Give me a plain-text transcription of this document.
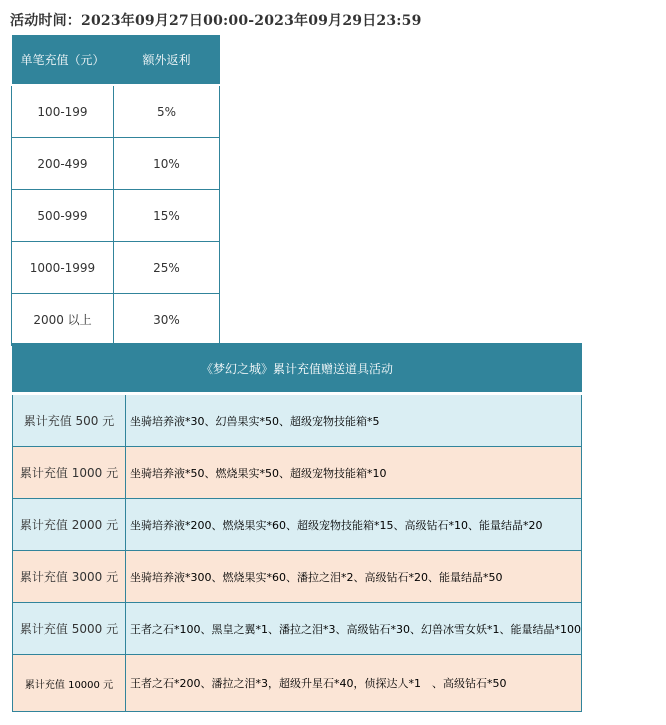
活动时间：2023年09月27日00:00-2023年09月29日23:59
单笔充值（元）	额外返利
100-199	5%
200-499	10%
500-999	15%
1000-1999	25%
2000 以上	30%
《梦幻之城》累计充值赠送道具活动	
累计充值 500 元	坐骑培养液*30、幻兽果实*50、超级宠物技能箱*5
累计充值 1000 元	坐骑培养液*50、燃烧果实*50、超级宠物技能箱*10
累计充值 2000 元	坐骑培养液*200、燃烧果实*60、超级宠物技能箱*15、高级钻石*10、能量结晶*20
累计充值 3000 元	坐骑培养液*300、燃烧果实*60、潘拉之泪*2、高级钻石*20、能量结晶*50
累计充值 5000 元	王者之石*100、黑皇之翼*1、潘拉之泪*3、高级钻石*30、幻兽冰雪女妖*1、能量结晶*100
累计充值 10000 元	王者之石*200、潘拉之泪*3，超级升星石*40，侦探达人*1　、高级钻石*50
